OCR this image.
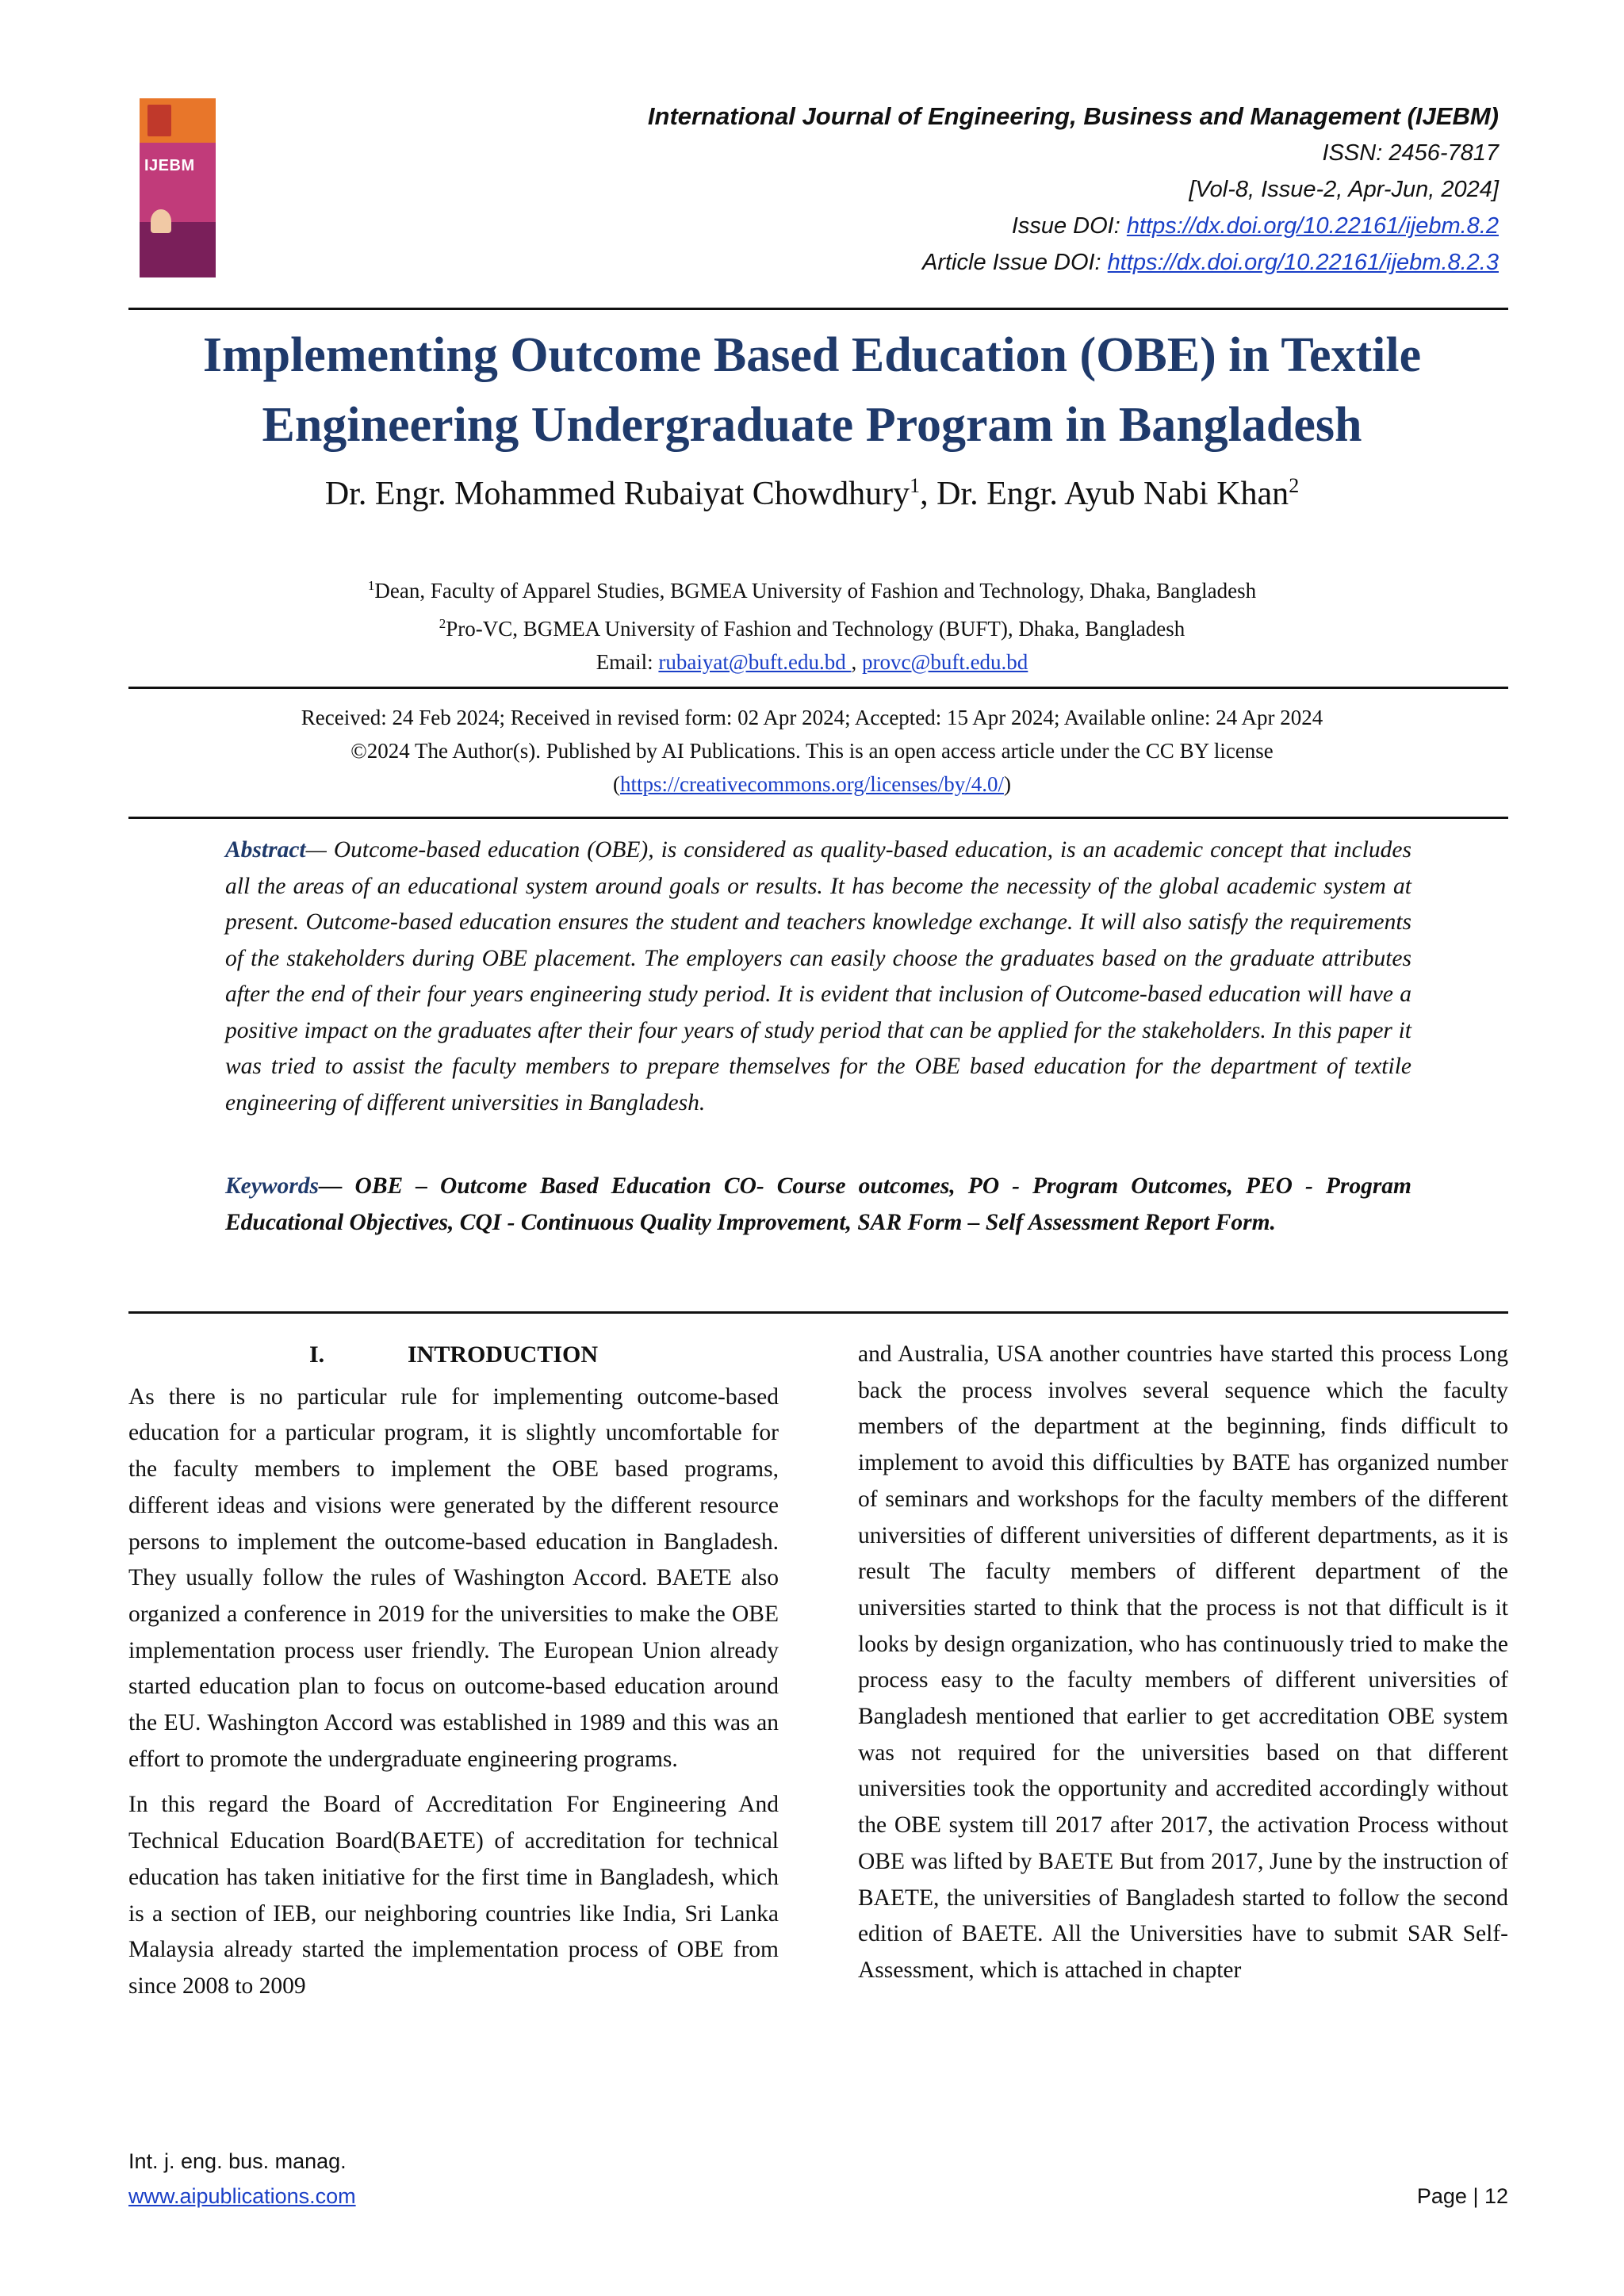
IJEBM
International Journal of Engineering, Business and Management (IJEBM)
ISSN: 2456-7817
[Vol-8, Issue-2, Apr-Jun, 2024]
Issue DOI: https://dx.doi.org/10.22161/ijebm.8.2
Article Issue DOI: https://dx.doi.org/10.22161/ijebm.8.2.3
Implementing Outcome Based Education (OBE) in Textile
Engineering Undergraduate Program in Bangladesh
Dr. Engr. Mohammed Rubaiyat Chowdhury$^1$, Dr. Engr. Ayub Nabi Khan$^2$
$^1$Dean, Faculty of Apparel Studies, BGMEA University of Fashion and Technology, Dhaka, Bangladesh
$^2$Pro-VC, BGMEA University of Fashion and Technology (BUFT), Dhaka, Bangladesh
Email: rubaiyat@buft.edu.bd , provc@buft.edu.bd
Received: 24 Feb 2024; Received in revised form: 02 Apr 2024; Accepted: 15 Apr 2024; Available online: 24 Apr 2024
©2024 The Author(s). Published by AI Publications. This is an open access article under the CC BY license
(https://creativecommons.org/licenses/by/4.0/)
Abstract— Outcome-based education (OBE), is considered as quality-based education, is an academic concept that includes all the areas of an educational system around goals or results. It has become the necessity of the global academic system at present. Outcome-based education ensures the student and teachers knowledge exchange. It will also satisfy the requirements of the stakeholders during OBE placement. The employers can easily choose the graduates based on the graduate attributes after the end of their four years engineering study period. It is evident that inclusion of Outcome-based education will have a positive impact on the graduates after their four years of study period that can be applied for the stakeholders. In this paper it was tried to assist the faculty members to prepare themselves for the OBE based education for the department of textile engineering of different universities in Bangladesh.
Keywords— OBE – Outcome Based Education CO- Course outcomes, PO - Program Outcomes, PEO - Program Educational Objectives, CQI - Continuous Quality Improvement, SAR Form – Self Assessment Report Form.
I.	INTRODUCTION

As there is no particular rule for implementing outcome-based education for a particular program, it is slightly uncomfortable for the faculty members to implement the OBE based programs, different ideas and visions were generated by the different resource persons to implement the outcome-based education in Bangladesh. They usually follow the rules of Washington Accord. BAETE also organized a conference in 2019 for the universities to make the OBE implementation process user friendly. The European Union already started education plan to focus on outcome-based education around the EU. Washington Accord was established in 1989 and this was an effort to promote the undergraduate engineering programs.

In this regard the Board of Accreditation For Engineering And Technical Education Board(BAETE) of accreditation for technical education has taken initiative for the first time in Bangladesh, which is a section of IEB, our neighboring countries like India, Sri Lanka Malaysia already started the implementation process of OBE from since 2008 to 2009

and Australia, USA another countries have started this process Long back the process involves several sequence which the faculty members of the department at the beginning, finds difficult to implement to avoid this difficulties by BATE has organized number of seminars and workshops for the faculty members of the different universities of different universities of different departments, as it is result The faculty members of different department of the universities started to think that the process is not that difficult is it looks by design organization, who has continuously tried to make the process easy to the faculty members of different universities of Bangladesh mentioned that earlier to get accreditation OBE system was not required for the universities based on that different universities took the opportunity and accredited accordingly without the OBE system till 2017 after 2017, the activation Process without OBE was lifted by BAETE But from 2017, June by the instruction of BAETE, the universities of Bangladesh started to follow the second edition of BAETE. All the Universities have to submit SAR Self-Assessment, which is attached in chapter

Int. j. eng. bus. manag.
www.aipublications.com	Page | 12
